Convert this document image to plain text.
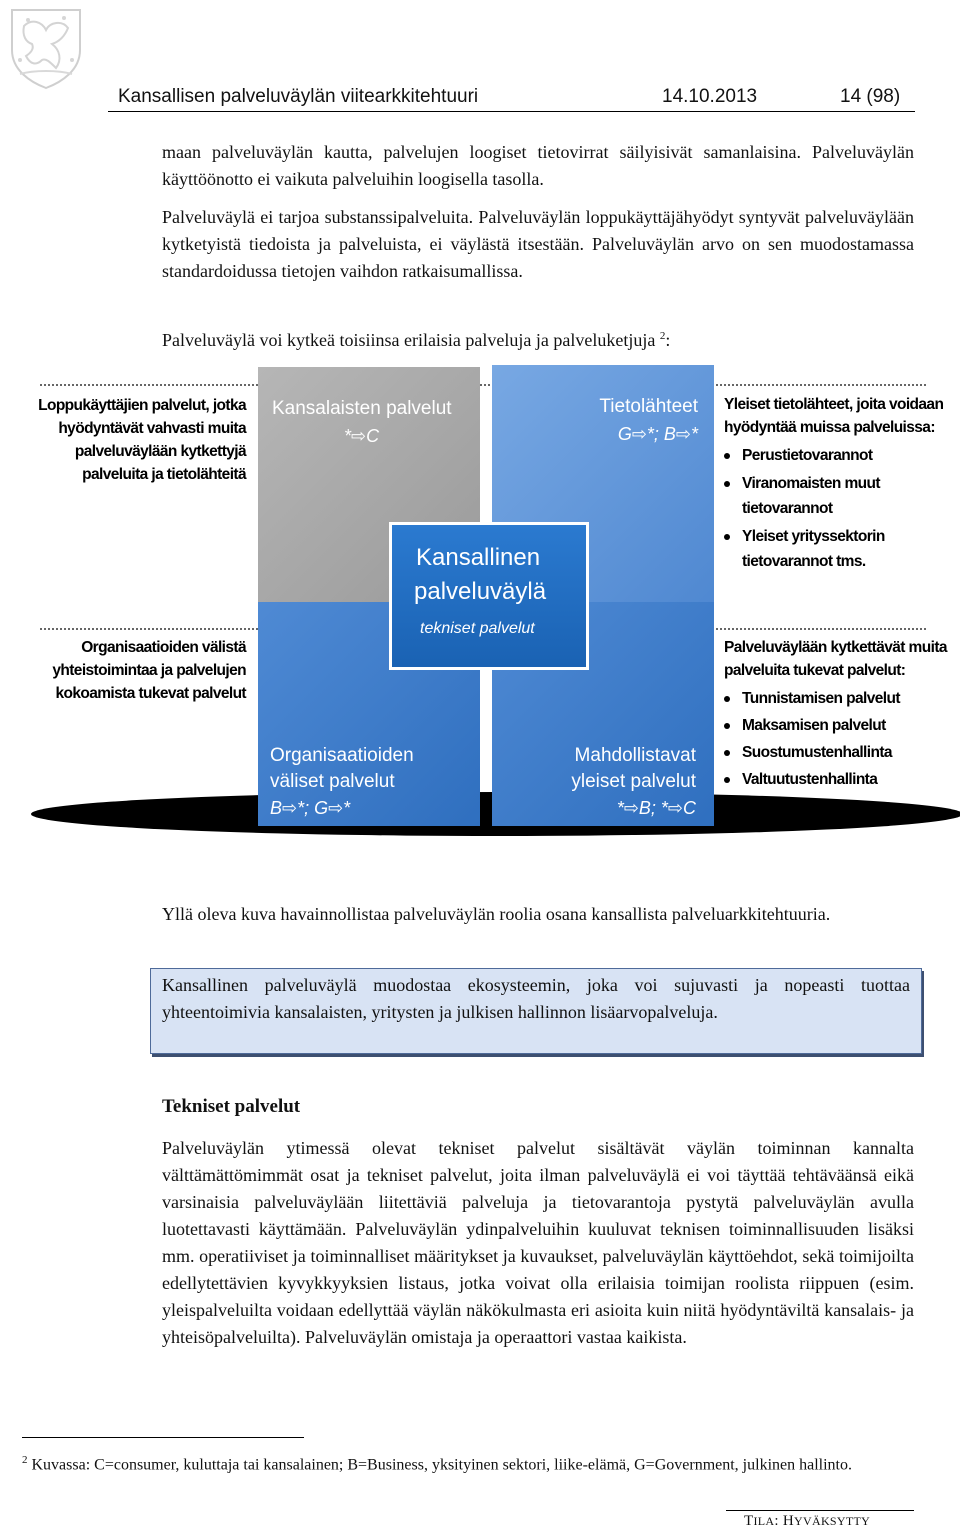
Kansallisen palveluväylän viitearkkitehtuuri	14.10.2013	14 (98)
maan palveluväylän kautta, palvelujen loogiset tietovirrat säilyisivät samanlaisina. Palveluväylän käyttöönotto ei vaikuta palveluihin loogisella tasolla.
Palveluväylä ei tarjoa substanssipalveluita. Palveluväylän loppukäyttäjähyödyt syntyvät palveluväylään kytketyistä tiedoista ja palveluista, ei väylästä itsestään. Palveluväylän arvo on sen muodostamassa standardoidussa tietojen vaihdon ratkaisumallissa.
Palveluväylä voi kytkeä toisiinsa erilaisia palveluja ja palveluketjuja $^2$:
Kansalaisten palvelut
*⇨C
Tietolähteet
G⇨*; B⇨*
Organisaatioiden
väliset palvelut
B⇨*; G⇨*
Mahdollistavat
yleiset palvelut
*⇨B; *⇨C
Kansallinen
palveluväylä
tekniset palvelut
Loppukäyttäjien palvelut, jotka
hyödyntävät vahvasti muita
palveluväylään kytkettyjä
palveluita ja tietolähteitä
Organisaatioiden välistä
yhteistoimintaa ja palvelujen
kokoamista tukevat palvelut
Yleiset tietolähteet, joita voidaan
hyödyntää muissa palveluissa:
Perustietovarannot
Viranomaisten muut
tietovarannot
Yleiset yrityssektorin
tietovarannot tms.
Palveluväylään kytkettävät muita
palveluita tukevat palvelut:
Tunnistamisen palvelut
Maksamisen palvelut
Suostumustenhallinta
Valtuutustenhallinta
Yllä oleva kuva havainnollistaa palveluväylän roolia osana kansallista palveluarkkitehtuuria.
Kansallinen palveluväylä muodostaa ekosysteemin, joka voi sujuvasti ja nopeasti tuottaa yhteentoimivia kansalaisten, yritysten ja julkisen hallinnon lisäarvopalveluja.
Tekniset palvelut
Palveluväylän ytimessä olevat tekniset palvelut sisältävät väylän toiminnan kannalta välttämättömimmät osat ja tekniset palvelut, joita ilman palveluväylä ei voi täyttää tehtäväänsä eikä varsinaisia palveluväylään liitettäviä palveluja ja tietovarantoja pystytä palveluväylän avulla luotettavasti käyttämään. Palveluväylän ydinpalveluihin kuuluvat teknisen toiminnallisuuden lisäksi mm. operatiiviset ja toiminnalliset määritykset ja kuvaukset, palveluväylän käyttöehdot, sekä toimijoilta edellytettävien kyvykkyyksien listaus, jotka voivat olla erilaisia toimijan roolista riippuen (esim. yleispalveluilta voidaan edellyttää väylän näkökulmasta eri asioita kuin niitä hyödyntäviltä kansalais- ja yhteisöpalveluilta). Palveluväylän omistaja ja operaattori vastaa kaikista.
$^2$ Kuvassa: C=consumer, kuluttaja tai kansalainen; B=Business, yksityinen sektori, liike-elämä, G=Government, julkinen hallinto.
TILA: HYVÄKSYTTY
